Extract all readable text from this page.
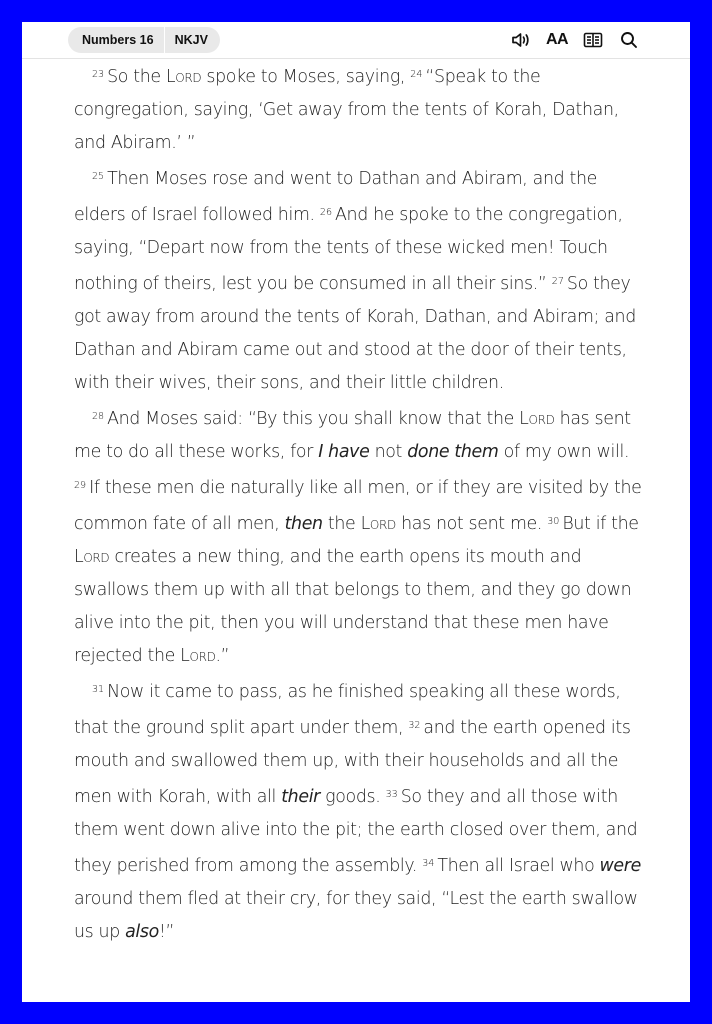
Numbers 16	NKJV	AA

$^{23}$ So the Lord spoke to Moses, saying, $^{24}$ “Speak to the congregation, saying, ‘Get away from the tents of Korah, Dathan, and Abiram.’ ”

$^{25}$ Then Moses rose and went to Dathan and Abiram, and the elders of Israel followed him. $^{26}$ And he spoke to the congregation, saying, “Depart now from the tents of these wicked men! Touch nothing of theirs, lest you be consumed in all their sins.” $^{27}$ So they got away from around the tents of Korah, Dathan, and Abiram; and Dathan and Abiram came out and stood at the door of their tents, with their wives, their sons, and their little children.

$^{28}$ And Moses said: “By this you shall know that the Lord has sent me to do all these works, for I have not done them of my own will. $^{29}$ If these men die naturally like all men, or if they are visited by the common fate of all men, then the Lord has not sent me. $^{30}$ But if the Lord creates a new thing, and the earth opens its mouth and swallows them up with all that belongs to them, and they go down alive into the pit, then you will understand that these men have rejected the Lord.”

$^{31}$ Now it came to pass, as he finished speaking all these words, that the ground split apart under them, $^{32}$ and the earth opened its mouth and swallowed them up, with their households and all the men with Korah, with all their goods. $^{33}$ So they and all those with them went down alive into the pit; the earth closed over them, and they perished from among the assembly. $^{34}$ Then all Israel who were around them fled at their cry, for they said, “Lest the earth swallow us up also!”
